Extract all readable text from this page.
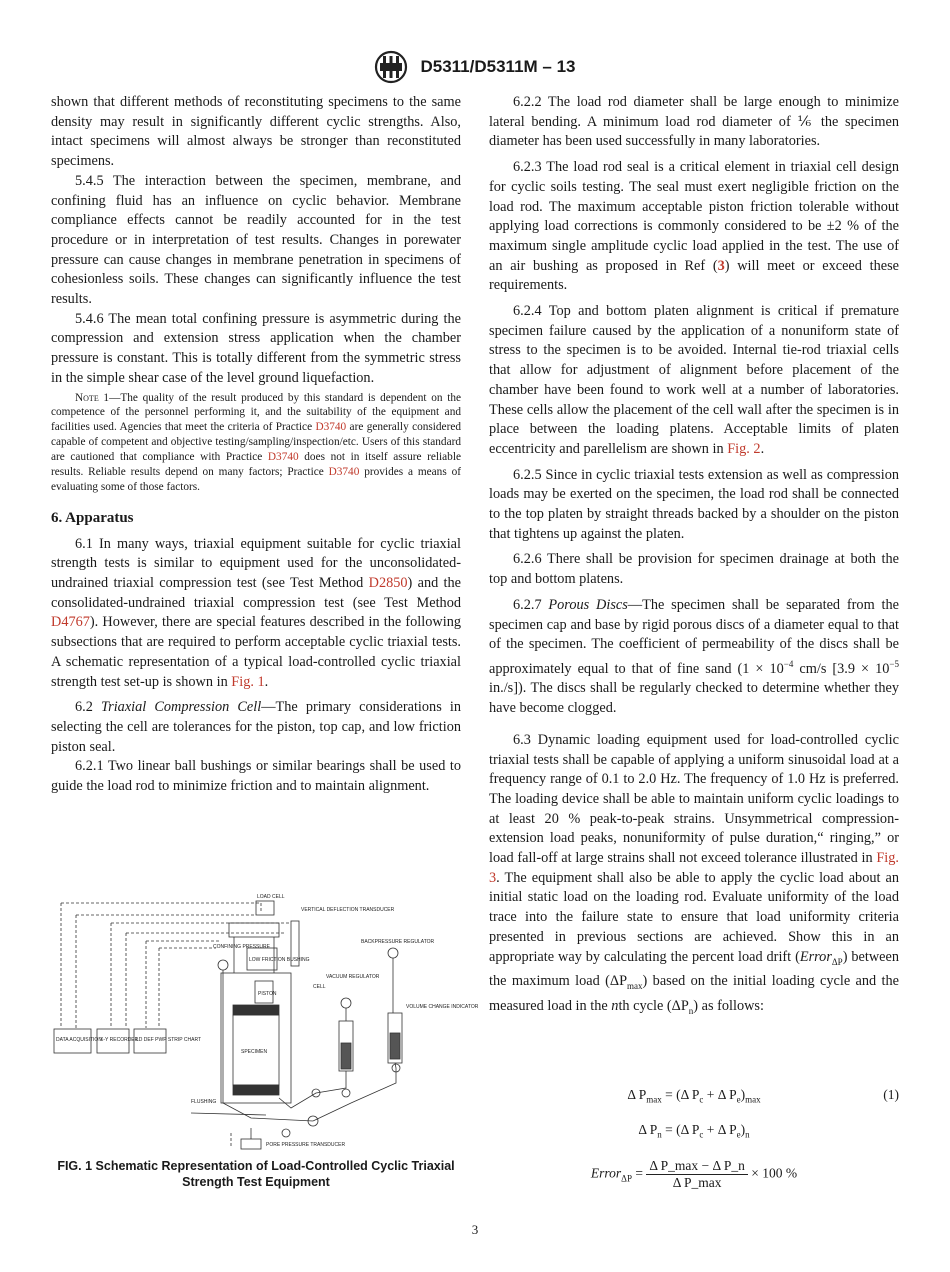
D5311/D5311M – 13

shown that different methods of reconstituting specimens to the same density may result in significantly different cyclic strengths. Also, intact specimens will almost always be stronger than reconstituted specimens.

5.4.5 The interaction between the specimen, membrane, and confining fluid has an influence on cyclic behavior. Membrane compliance effects cannot be readily accounted for in the test procedure or in interpretation of test results. Changes in porewater pressure can cause changes in membrane penetration in specimens of cohesionless soils. These changes can significantly influence the test results.

5.4.6 The mean total confining pressure is asymmetric during the compression and extension stress application when the chamber pressure is constant. This is totally different from the symmetric stress in the simple shear case of the level ground liquefaction.

Note 1—The quality of the result produced by this standard is dependent on the competence of the personnel performing it, and the suitability of the equipment and facilities used. Agencies that meet the criteria of Practice D3740 are generally considered capable of competent and objective testing/sampling/inspection/etc. Users of this standard are cautioned that compliance with Practice D3740 does not in itself assure reliable results. Reliable results depend on many factors; Practice D3740 provides a means of evaluating some of those factors.

6. Apparatus

6.1 In many ways, triaxial equipment suitable for cyclic triaxial strength tests is similar to equipment used for the unconsolidated-undrained triaxial compression test (see Test Method D2850) and the consolidated-undrained triaxial compression test (see Test Method D4767). However, there are special features described in the following subsections that are required to perform acceptable cyclic triaxial tests. A schematic representation of a typical load-controlled cyclic triaxial strength test set-up is shown in Fig. 1.

6.2 Triaxial Compression Cell—The primary considerations in selecting the cell are tolerances for the piston, top cap, and low friction piston seal.

6.2.1 Two linear ball bushings or similar bearings shall be used to guide the load rod to minimize friction and to maintain alignment.

LOAD CELL
VERTICAL DEFLECTION TRANSDUCER
CONFINING PRESSURE
LOW FRICTION BUSHING
BACKPRESSURE REGULATOR
VACUUM REGULATOR
PISTON
CELL
VOLUME CHANGE INDICATOR
DATA ACQUISITION
X-Y RECORDER
LD DEF PWP STRIP CHART
SPECIMEN
FLUSHING
PORE PRESSURE TRANSDUCER
FIG. 1 Schematic Representation of Load-Controlled Cyclic Triaxial Strength Test Equipment

6.2.2 The load rod diameter shall be large enough to minimize lateral bending. A minimum load rod diameter of ⅙ the specimen diameter has been used successfully in many laboratories.

6.2.3 The load rod seal is a critical element in triaxial cell design for cyclic soils testing. The seal must exert negligible friction on the load rod. The maximum acceptable piston friction tolerable without applying load corrections is commonly considered to be ±2 % of the maximum single amplitude cyclic load applied in the test. The use of an air bushing as proposed in Ref (3) will meet or exceed these requirements.

6.2.4 Top and bottom platen alignment is critical if premature specimen failure caused by the application of a nonuniform state of stress to the specimen is to be avoided. Internal tie-rod triaxial cells that allow for adjustment of alignment before placement of the chamber have been found to work well at a number of laboratories. These cells allow the placement of the cell wall after the specimen is in place between the loading platens. Acceptable limits of platen eccentricity and parellelism are shown in Fig. 2.

6.2.5 Since in cyclic triaxial tests extension as well as compression loads may be exerted on the specimen, the load rod shall be connected to the top platen by straight threads backed by a shoulder on the piston that tightens up against the platen.

6.2.6 There shall be provision for specimen drainage at both the top and bottom platens.

6.2.7 Porous Discs—The specimen shall be separated from the specimen cap and base by rigid porous discs of a diameter equal to that of the specimen. The coefficient of permeability of the discs shall be approximately equal to that of fine sand ($1 \times 10^{-4}$ cm/s [$3.9 \times 10^{-5}$ in./s]). The discs shall be regularly checked to determine whether they have become clogged.

6.3 Dynamic loading equipment used for load-controlled cyclic triaxial tests shall be capable of applying a uniform sinusoidal load at a frequency range of 0.1 to 2.0 Hz. The frequency of 1.0 Hz is preferred. The loading device shall be able to maintain uniform cyclic loadings to at least 20 % peak-to-peak strains. Unsymmetrical compression-extension load peaks, nonuniformity of pulse duration,“ ringing,” or load fall-off at large strains shall not exceed tolerance illustrated in Fig. 3. The equipment shall also be able to apply the cyclic load about an initial static load on the loading rod. Evaluate uniformity of the load trace into the failure state to ensure that load uniformity criteria presented in previous sections are achieved. Show this in an appropriate way by calculating the percent load drift (Error$_{\Delta P}$) between the maximum load $(\Delta P_{max})$ based on the initial loading cycle and the measured load in the nth cycle $(\Delta P_n)$ as follows:

Δ $P_{max} = (\Delta$ $P_c + \Delta$ $P_e)_{max}$	(1)
Δ $P_n = (\Delta$ $P_c + \Delta$ $P_e)_n$
Error$_{\Delta P}$ = $\frac{\text{Δ P\_max − Δ P\_n}}{\text{Δ P\_max}} \times 100$ %
3
